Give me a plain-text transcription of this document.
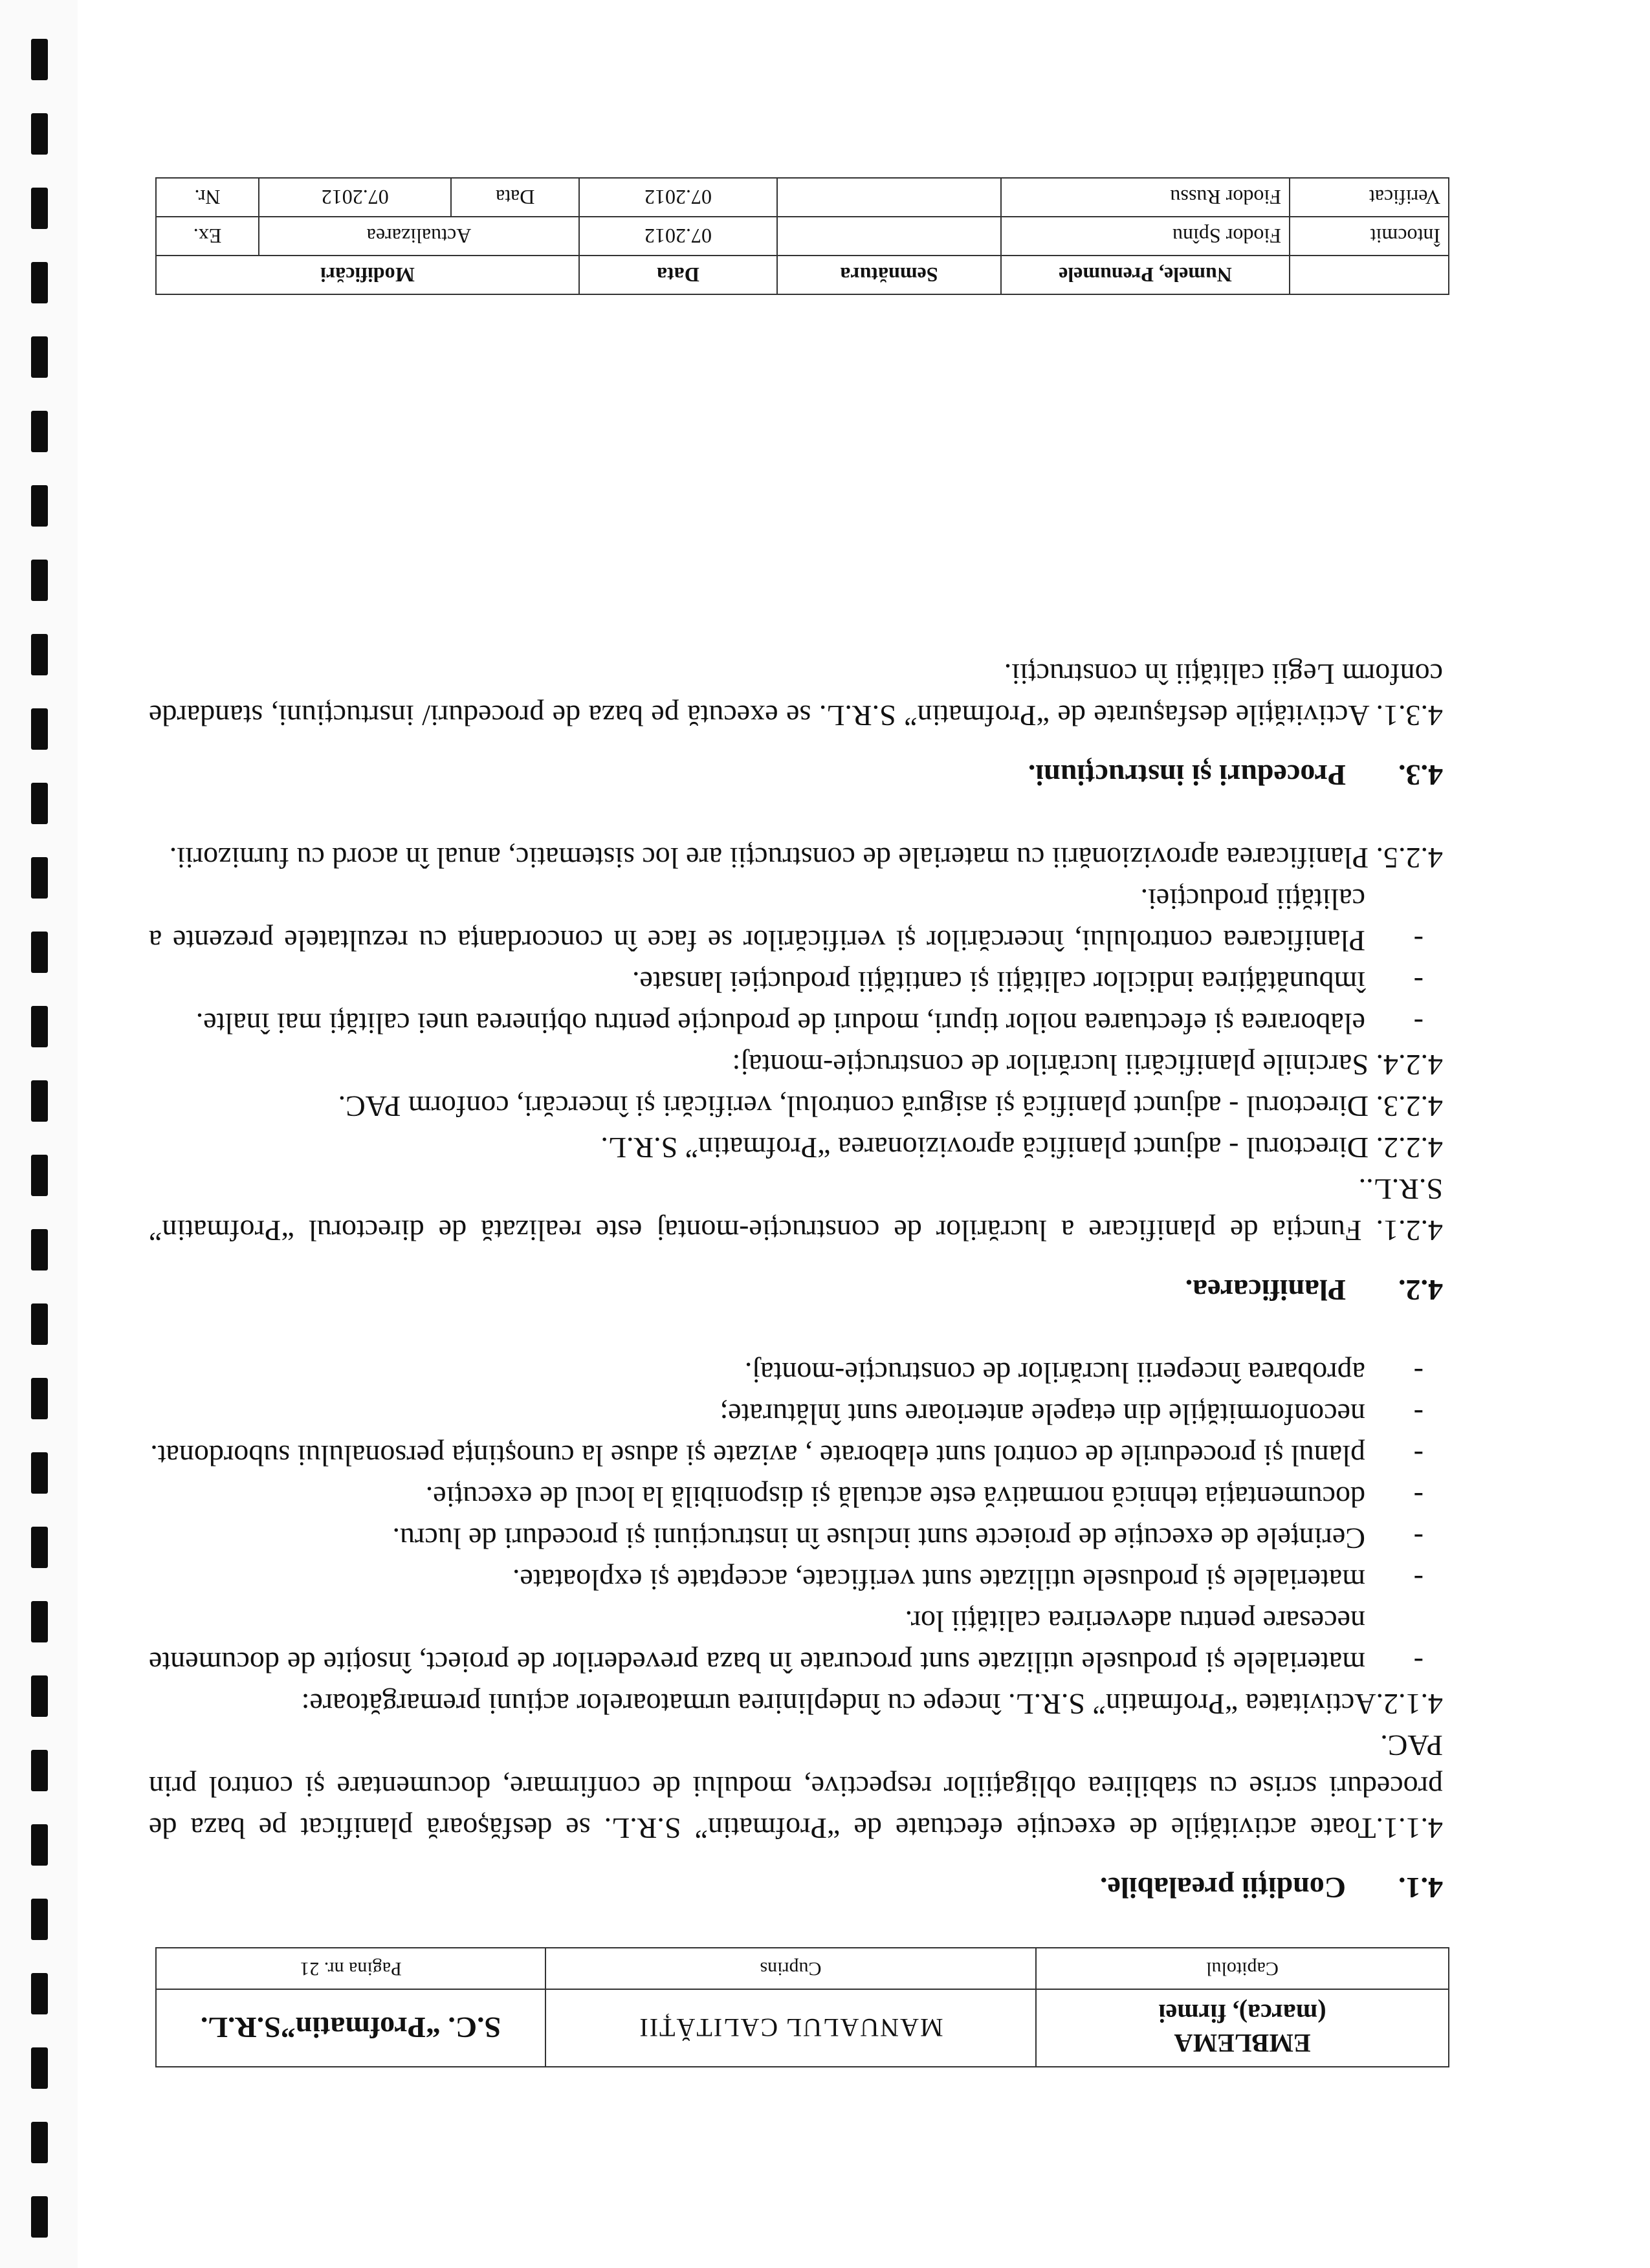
EMBLEMA
(marca), firmei	MANUALUL CALITĂȚII	S.C. “Profmatin”S.R.L.
Capitolul	Cuprins	Pagina nr. 21
4.1.Condiții prealabile.

4.1.1.Toate activitățile de execuție efectuate de “Profmatin” S.R.L. se desfășoară planificat pe baza de proceduri scrise cu stabilirea obligațiilor respective, modului de confirmare, documentare și control prin PAC.

4.1.2.Activitatea “Profmatin” S.R.L. începe cu îndeplinirea urmatoarelor acțiuni premargătoare:

-
materialele și produsele utilizate sunt procurate în baza prevederilor de proiect, însoțite de documente necesare pentru adeverirea calității lor.

-
materialele și produsele utilizate sunt verificate, acceptate și exploatate.

-
Cerințele de execuție de proiecte sunt incluse în instrucțiuni și proceduri de lucru.

-
documentația tehnică normativă este actuală și disponibilă la locul de execuție.

-
planul și procedurile de control sunt elaborate , avizate și aduse la cunoștința personalului subordonat.

-
neconformitățile din etapele anterioare sunt înlăturate;

-
aprobarea începerii lucrărilor de construcție-montaj.

4.2.Planificarea.

4.2.1. Funcția de planificare a lucrărilor de construcție-montaj este realizată de directorul “Profmatin” S.R.L..

4.2.2. Directorul - adjunct planifică aprovizionarea “Profmatin” S.R.L.

4.2.3. Directorul - adjunct planifică și asigură controlul, verificări și încercări, conform PAC.

4.2.4. Sarcinile planificării lucrărilor de construcție-montaj:

-
elaborarea și efectuarea noilor tipuri, moduri de producție pentru obținerea unei calități mai înalte.

-
îmbunătățirea indicilor calității și cantității producției lansate.

-
Planificarea controlului, încercărilor și verificărilor se face în concordanța cu rezultatele prezente a calității producției.

4.2.5. Planificarea aprovizionării cu materiale de construcții are loc sistematic, anual în acord cu furnizorii.

4.3.Proceduri și instrucțiuni.

4.3.1. Activitățile desfașurate de “Profmatin” S.R.L. se execută pe baza de proceduri/ insrtucțiuni, standarde conform Legii calității în construcții.

	Numele, Prenumele	Semnătura	Data	Modificări		
Întocmit	Fiodor Spînu		07.2012	Actualizarea		Ex.
Verificat	Fiodor Russu		07.2012	Data	07.2012	Nr.
